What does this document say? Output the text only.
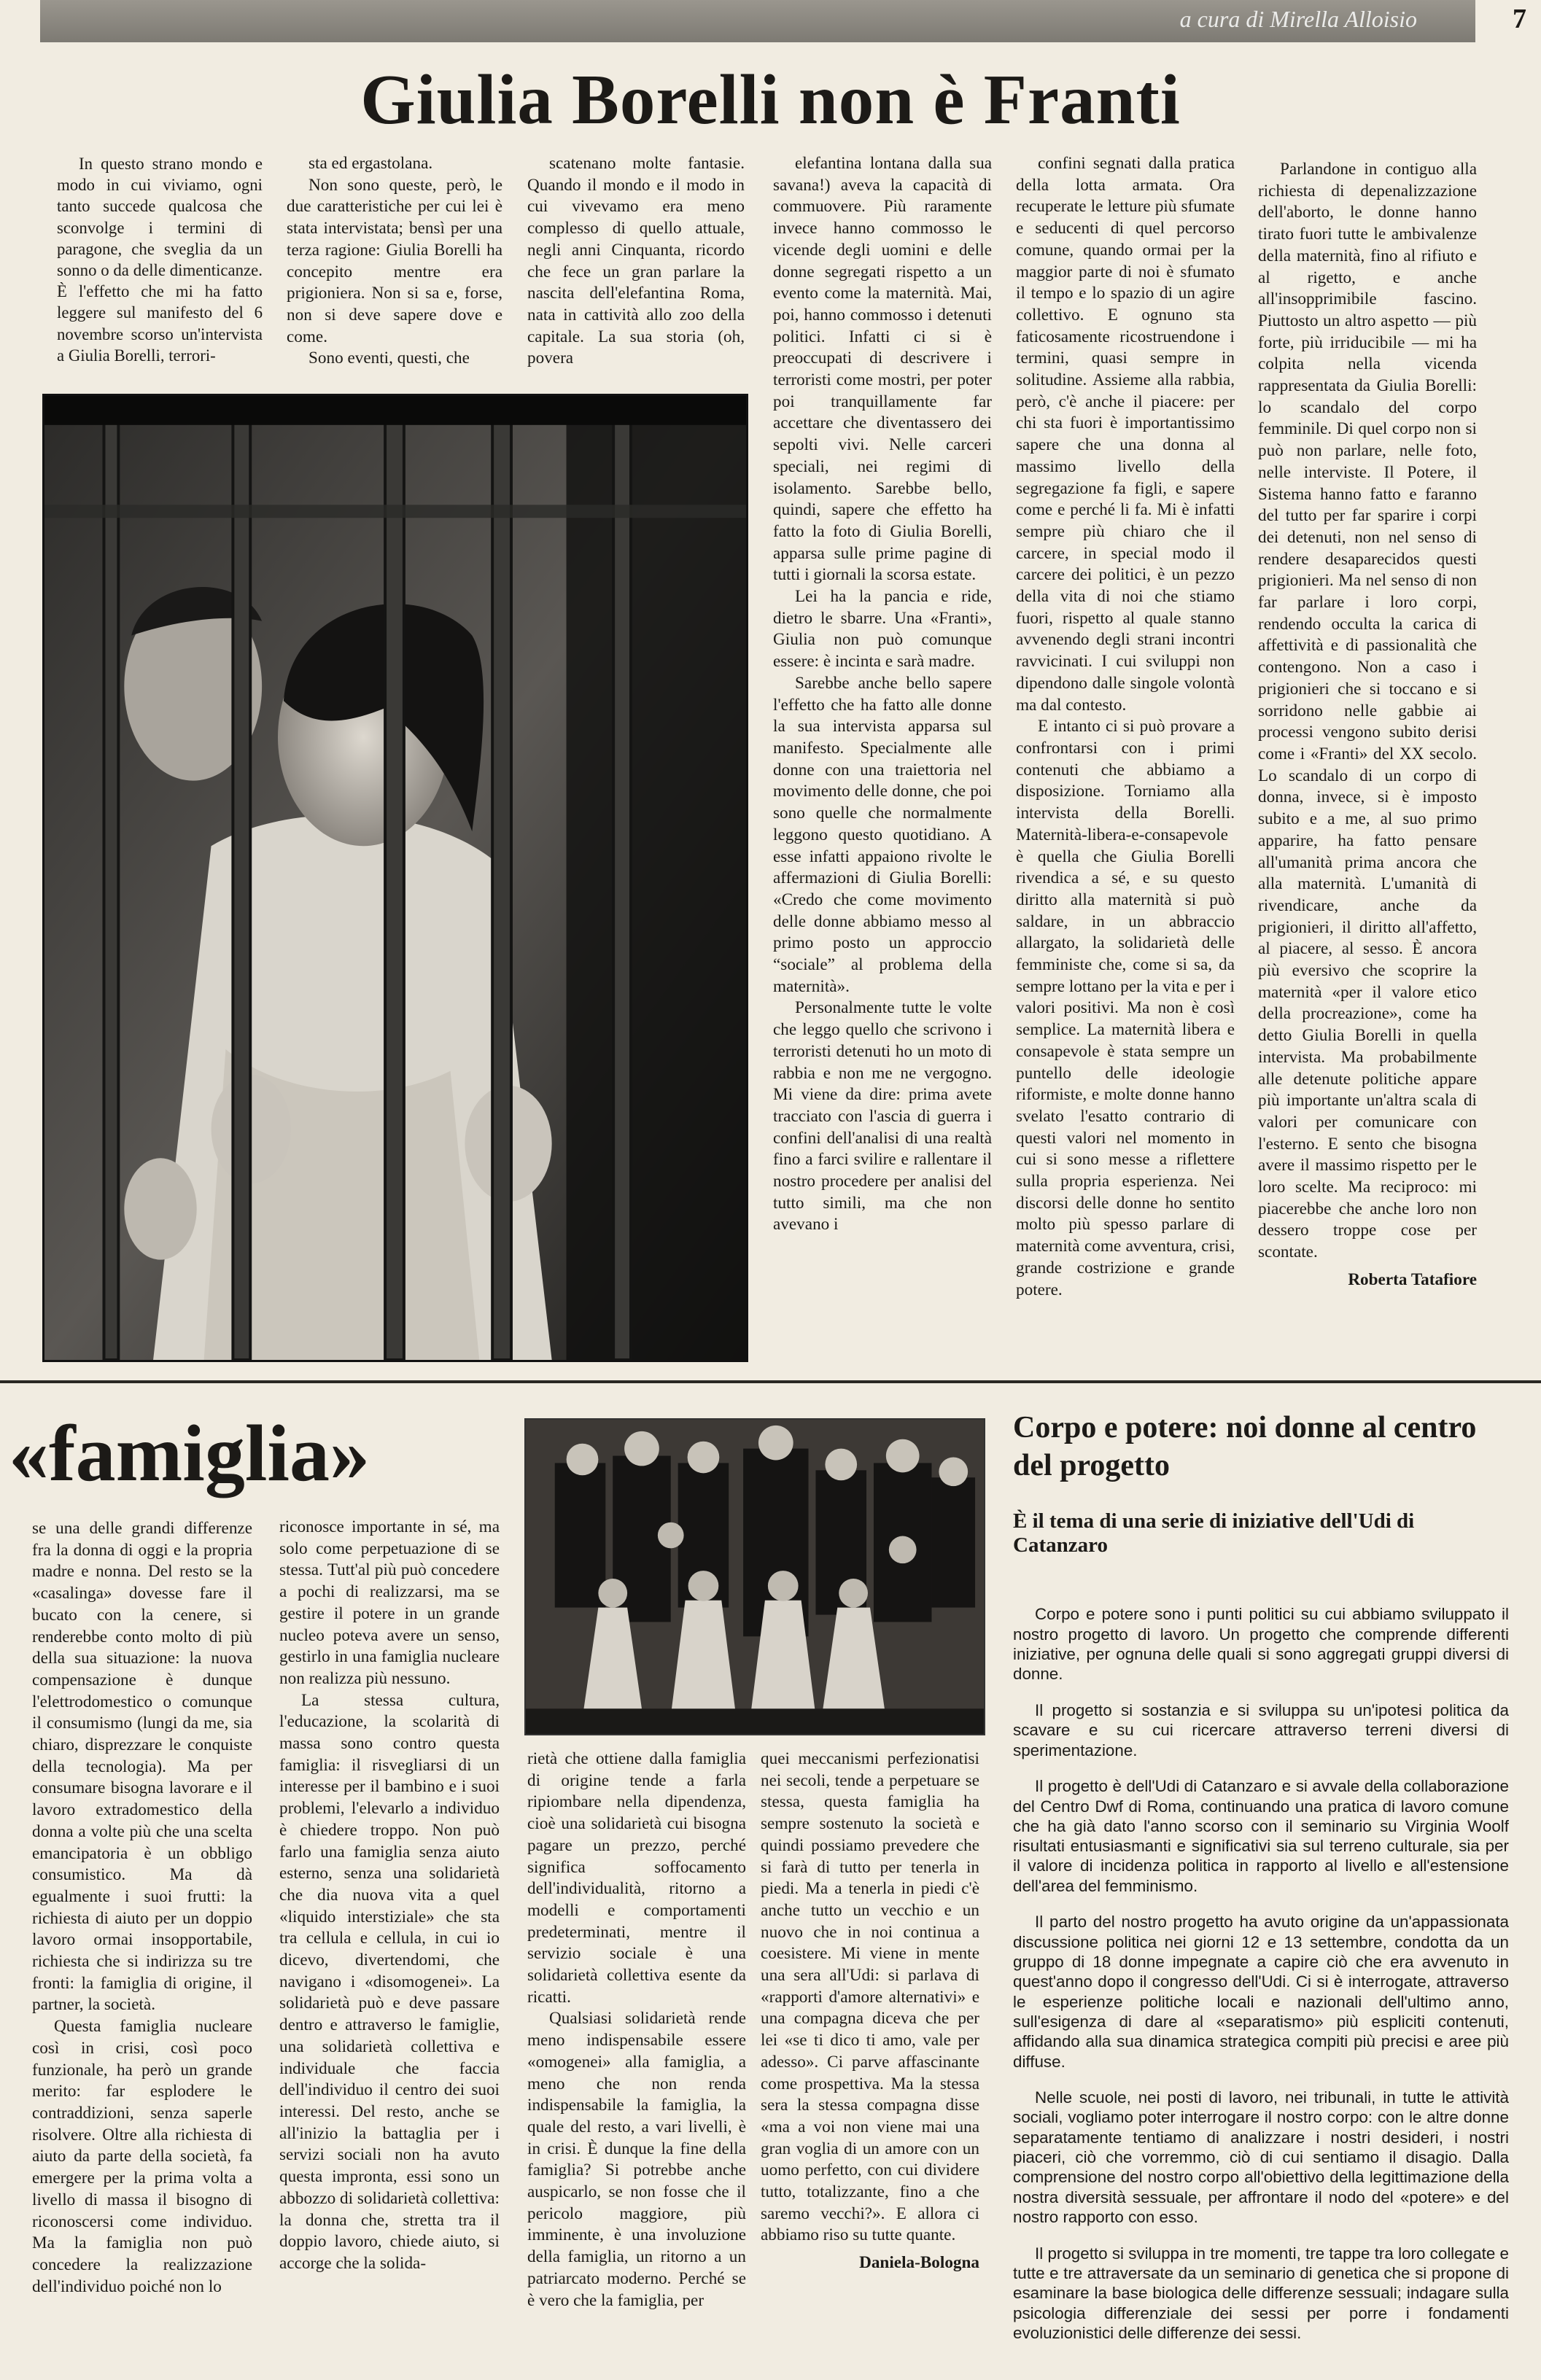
a cura di Mirella Alloisio	7
Giulia Borelli non è Franti

In questo strano mondo e modo in cui viviamo, ogni tanto succede qualcosa che sconvolge i termini di paragone, che sveglia da un sonno o da delle dimenticanze. È l'effetto che mi ha fatto leggere sul manifesto del 6 novembre scorso un'intervista a Giulia Borelli, terrori-

sta ed ergastolana.

Non sono queste, però, le due caratteristiche per cui lei è stata intervistata; bensì per una terza ragione: Giulia Borelli ha concepito mentre era prigioniera. Non si sa e, forse, non si deve sapere dove e come.

Sono eventi, questi, che

scatenano molte fantasie. Quando il mondo e il modo in cui vivevamo era meno complesso di quello attuale, negli anni Cinquanta, ricordo che fece un gran parlare la nascita dell'elefantina Roma, nata in cattività allo zoo della capitale. La sua storia (oh, povera

elefantina lontana dalla sua savana!) aveva la capacità di commuovere. Più raramente invece hanno commosso le vicende degli uomini e delle donne segregati rispetto a un evento come la maternità. Mai, poi, hanno commosso i detenuti politici. Infatti ci si è preoccupati di descrivere i terroristi come mostri, per poter poi tranquillamente far accettare che diventassero dei sepolti vivi. Nelle carceri speciali, nei regimi di isolamento. Sarebbe bello, quindi, sapere che effetto ha fatto la foto di Giulia Borelli, apparsa sulle prime pagine di tutti i giornali la scorsa estate.

Lei ha la pancia e ride, dietro le sbarre. Una «Franti», Giulia non può comunque essere: è incinta e sarà madre.

Sarebbe anche bello sapere l'effetto che ha fatto alle donne la sua intervista apparsa sul manifesto. Specialmente alle donne con una traiettoria nel movimento delle donne, che poi sono quelle che normalmente leggono questo quotidiano. A esse infatti appaiono rivolte le affermazioni di Giulia Borelli: «Credo che come movimento delle donne abbiamo messo al primo posto un approccio “sociale” al problema della maternità».

Personalmente tutte le volte che leggo quello che scrivono i terroristi detenuti ho un moto di rabbia e non me ne vergogno. Mi viene da dire: prima avete tracciato con l'ascia di guerra i confini dell'analisi di una realtà fino a farci svilire e rallentare il nostro procedere per analisi del tutto simili, ma che non avevano i

confini segnati dalla pratica della lotta armata. Ora recuperate le letture più sfumate e seducenti di quel percorso comune, quando ormai per la maggior parte di noi è sfumato il tempo e lo spazio di un agire collettivo. E ognuno sta faticosamente ricostruendone i termini, quasi sempre in solitudine. Assieme alla rabbia, però, c'è anche il piacere: per chi sta fuori è importantissimo sapere che una donna al massimo livello della segregazione fa figli, e sapere come e perché li fa. Mi è infatti sempre più chiaro che il carcere, in special modo il carcere dei politici, è un pezzo della vita di noi che stiamo fuori, rispetto al quale stanno avvenendo degli strani incontri ravvicinati. I cui sviluppi non dipendono dalle singole volontà ma dal contesto.

E intanto ci si può provare a confrontarsi con i primi contenuti che abbiamo a disposizione. Torniamo alla intervista della Borelli. Maternità-libera-e-consapevole è quella che Giulia Borelli rivendica a sé, e su questo diritto alla maternità si può saldare, in un abbraccio allargato, la solidarietà delle femministe che, come si sa, da sempre lottano per la vita e per i valori positivi. Ma non è così semplice. La maternità libera e consapevole è stata sempre un puntello delle ideologie riformiste, e molte donne hanno svelato l'esatto contrario di questi valori nel momento in cui si sono messe a riflettere sulla propria esperienza. Nei discorsi delle donne ho sentito molto più spesso parlare di maternità come avventura, crisi, grande costrizione e grande potere.

Parlandone in contiguo alla richiesta di depenalizzazione dell'aborto, le donne hanno tirato fuori tutte le ambivalenze della maternità, fino al rifiuto e al rigetto, e anche all'insopprimibile fascino. Piuttosto un altro aspetto — più forte, più irriducibile — mi ha colpita nella vicenda rappresentata da Giulia Borelli: lo scandalo del corpo femminile. Di quel corpo non si può non parlare, nelle foto, nelle interviste. Il Potere, il Sistema hanno fatto e faranno del tutto per far sparire i corpi dei detenuti, non nel senso di rendere desaparecidos questi prigionieri. Ma nel senso di non far parlare i loro corpi, rendendo occulta la carica di affettività e di passionalità che contengono. Non a caso i prigionieri che si toccano e si sorridono nelle gabbie ai processi vengono subito derisi come i «Franti» del XX secolo. Lo scandalo di un corpo di donna, invece, si è imposto subito e a me, al suo primo apparire, ha fatto pensare all'umanità prima ancora che alla maternità. L'umanità di rivendicare, anche da prigionieri, il diritto all'affetto, al piacere, al sesso. È ancora più eversivo che scoprire la maternità «per il valore etico della procreazione», come ha detto Giulia Borelli in quella intervista. Ma probabilmente alle detenute politiche appare più importante un'altra scala di valori per comunicare con l'esterno. E sento che bisogna avere il massimo rispetto per le loro scelte. Ma reciproco: mi piacerebbe che anche loro non dessero troppe cose per scontate.

Roberta Tatafiore

«famiglia»

se una delle grandi differenze fra la donna di oggi e la propria madre e nonna. Del resto se la «casalinga» dovesse fare il bucato con la cenere, si renderebbe conto molto di più della sua situazione: la nuova compensazione è dunque l'elettrodomestico o comunque il consumismo (lungi da me, sia chiaro, disprezzare le conquiste della tecnologia). Ma per consumare bisogna lavorare e il lavoro extradomestico della donna a volte più che una scelta emancipatoria è un obbligo consumistico. Ma dà egualmente i suoi frutti: la richiesta di aiuto per un doppio lavoro ormai insopportabile, richiesta che si indirizza su tre fronti: la famiglia di origine, il partner, la società.

Questa famiglia nucleare così in crisi, così poco funzionale, ha però un grande merito: far esplodere le contraddizioni, senza saperle risolvere. Oltre alla richiesta di aiuto da parte della società, fa emergere per la prima volta a livello di massa il bisogno di riconoscersi come individuo. Ma la famiglia non può concedere la realizzazione dell'individuo poiché non lo

riconosce importante in sé, ma solo come perpetuazione di se stessa. Tutt'al più può concedere a pochi di realizzarsi, ma se gestire il potere in un grande nucleo poteva avere un senso, gestirlo in una famiglia nucleare non realizza più nessuno.

La stessa cultura, l'educazione, la scolarità di massa sono contro questa famiglia: il risvegliarsi di un interesse per il bambino e i suoi problemi, l'elevarlo a individuo è chiedere troppo. Non può farlo una famiglia senza aiuto esterno, senza una solidarietà che dia nuova vita a quel «liquido interstiziale» che sta tra cellula e cellula, in cui io dicevo, divertendomi, che navigano i «disomogenei». La solidarietà può e deve passare dentro e attraverso le famiglie, una solidarietà collettiva e individuale che faccia dell'individuo il centro dei suoi interessi. Del resto, anche se all'inizio la battaglia per i servizi sociali non ha avuto questa impronta, essi sono un abbozzo di solidarietà collettiva: la donna che, stretta tra il doppio lavoro, chiede aiuto, si accorge che la solida-

rietà che ottiene dalla famiglia di origine tende a farla ripiombare nella dipendenza, cioè una solidarietà cui bisogna pagare un prezzo, perché significa soffocamento dell'individualità, ritorno a modelli e comportamenti predeterminati, mentre il servizio sociale è una solidarietà collettiva esente da ricatti.

Qualsiasi solidarietà rende meno indispensabile essere «omogenei» alla famiglia, a meno che non renda indispensabile la famiglia, la quale del resto, a vari livelli, è in crisi. È dunque la fine della famiglia? Si potrebbe anche auspicarlo, se non fosse che il pericolo maggiore, più imminente, è una involuzione della famiglia, un ritorno a un patriarcato moderno. Perché se è vero che la famiglia, per

quei meccanismi perfezionatisi nei secoli, tende a perpetuare se stessa, questa famiglia ha sempre sostenuto la società e quindi possiamo prevedere che si farà di tutto per tenerla in piedi. Ma a tenerla in piedi c'è anche tutto un vecchio e un nuovo che in noi continua a coesistere. Mi viene in mente una sera all'Udi: si parlava di «rapporti d'amore alternativi» e una compagna diceva che per lei «se ti dico ti amo, vale per adesso». Ci parve affascinante come prospettiva. Ma la stessa sera la stessa compagna disse «ma a voi non viene mai una gran voglia di un amore con un uomo perfetto, con cui dividere tutto, totalizzante, fino a che saremo vecchi?». E allora ci abbiamo riso su tutte quante.

Daniela-Bologna

Corpo e potere: noi donne al centro del progetto
È il tema di una serie di iniziative dell'Udi di Catanzaro

Corpo e potere sono i punti politici su cui abbiamo sviluppato il nostro progetto di lavoro. Un progetto che comprende differenti iniziative, per ognuna delle quali si sono aggregati gruppi diversi di donne.

Il progetto si sostanzia e si sviluppa su un'ipotesi politica da scavare e su cui ricercare attraverso terreni diversi di sperimentazione.

Il progetto è dell'Udi di Catanzaro e si avvale della collaborazione del Centro Dwf di Roma, continuando una pratica di lavoro comune che ha già dato l'anno scorso con il seminario su Virginia Woolf risultati entusiasmanti e significativi sia sul terreno culturale, sia per il valore di incidenza politica in rapporto al livello e all'estensione dell'area del femminismo.

Il parto del nostro progetto ha avuto origine da un'appassionata discussione politica nei giorni 12 e 13 settembre, condotta da un gruppo di 18 donne impegnate a capire ciò che era avvenuto in quest'anno dopo il congresso dell'Udi. Ci si è interrogate, attraverso le esperienze politiche locali e nazionali dell'ultimo anno, sull'esigenza di dare al «separatismo» più espliciti contenuti, affidando alla sua dinamica strategica compiti più precisi e aree più diffuse.

Nelle scuole, nei posti di lavoro, nei tribunali, in tutte le attività sociali, vogliamo poter interrogare il nostro corpo: con le altre donne separatamente tentiamo di analizzare i nostri desideri, i nostri piaceri, ciò che vorremmo, ciò di cui sentiamo il disagio. Dalla comprensione del nostro corpo all'obiettivo della legittimazione della nostra diversità sessuale, per affrontare il nodo del «potere» e del nostro rapporto con esso.

Il progetto si sviluppa in tre momenti, tre tappe tra loro collegate e tutte e tre attraversate da un seminario di genetica che si propone di esaminare la base biologica delle differenze sessuali; indagare sulla psicologia differenziale dei sessi per porre i fondamenti evoluzionistici delle differenze dei sessi.
